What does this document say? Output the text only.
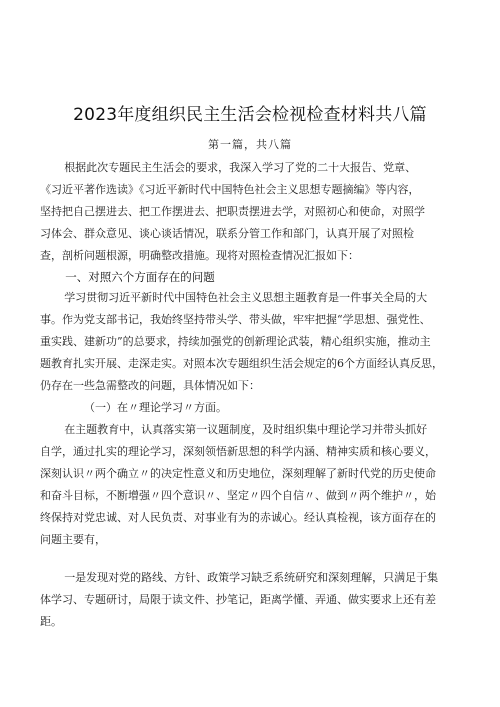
2023年度组织民主生活会检视检查材料共八篇
第一篇，共八篇

根据此次专题民主生活会的要求，我深入学习了党的二十大报告、党章、

《习近平著作选读》《习近平新时代中国特色社会主义思想专题摘编》等内容，

坚持把自己摆进去、把工作摆进去、把职责摆进去学，对照初心和使命，对照学

习体会、群众意见、谈心谈话情况，联系分管工作和部门，认真开展了对照检

查，剖析问题根源，明确整改措施。现将对照检查情况汇报如下：

一、对照六个方面存在的问题

学习贯彻习近平新时代中国特色社会主义思想主题教育是一件事关全局的大

事。作为党支部书记，我始终坚持带头学、带头做，牢牢把握“学思想、强党性、

重实践、建新功”的总要求，持续加强党的创新理论武装，精心组织实施，推动主

题教育扎实开展、走深走实。对照本次专题组织生活会规定的6个方面经认真反思，

仍存在一些急需整改的问题，具体情况如下：

（一）在〃理论学习〃方面。

在主题教育中，认真落实第一议题制度，及时组织集中理论学习并带头抓好

自学，通过扎实的理论学习，深刻领悟新思想的科学内涵、精神实质和核心要义，

深刻认识〃两个确立〃的决定性意义和历史地位，深刻理解了新时代党的历史使命

和奋斗目标，不断增强〃四个意识〃、坚定〃四个自信〃、做到〃两个维护〃，始

终保持对党忠诚、对人民负责、对事业有为的赤诚心。经认真检视，该方面存在的

问题主要有，

一是发现对党的路线、方针、政策学习缺乏系统研究和深刻理解，只满足于集

体学习、专题研讨，局限于读文件、抄笔记，距离学懂、弄通、做实要求上还有差

距。
